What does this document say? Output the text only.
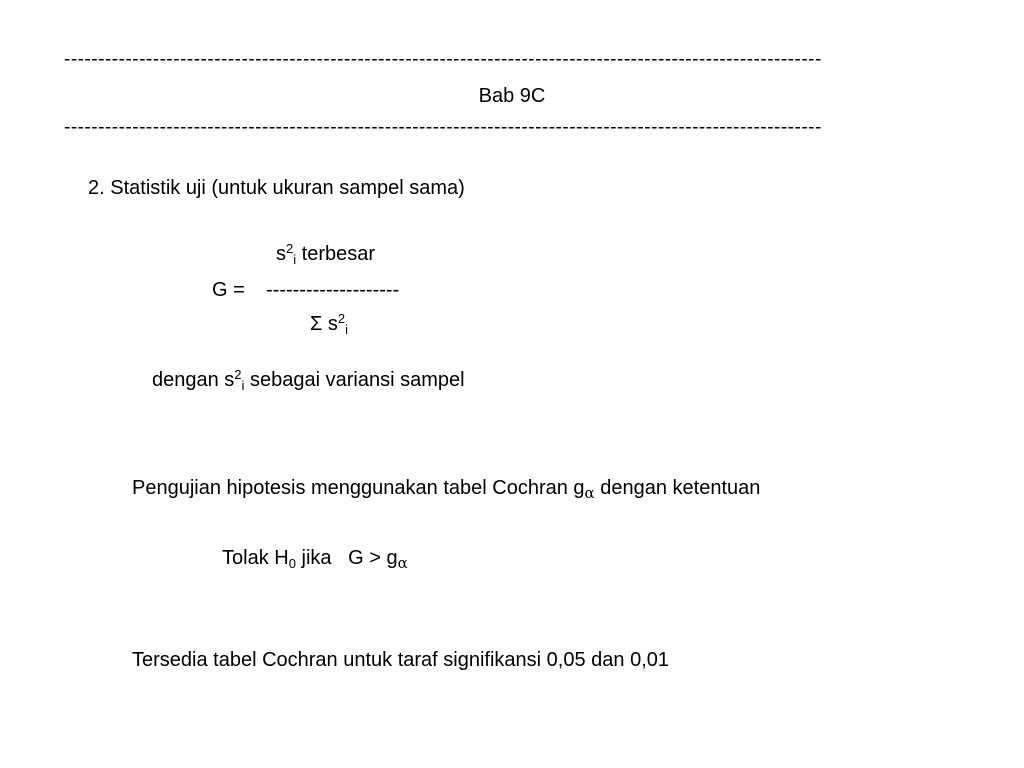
---------------------------------------------------------------------------------------------------------------
Bab 9C
---------------------------------------------------------------------------------------------------------------
2. Statistik uji (untuk ukuran sampel sama)
$s^2_i$ terbesar
G = --------------------
Σ $s^2_i$
dengan $s^2_i$ sebagai variansi sampel
Pengujian hipotesis menggunakan tabel Cochran $g_\alpha$ dengan ketentuan
Tolak $H_0$ jika   $G > g_\alpha$
Tersedia tabel Cochran untuk taraf signifikansi 0,05 dan 0,01
